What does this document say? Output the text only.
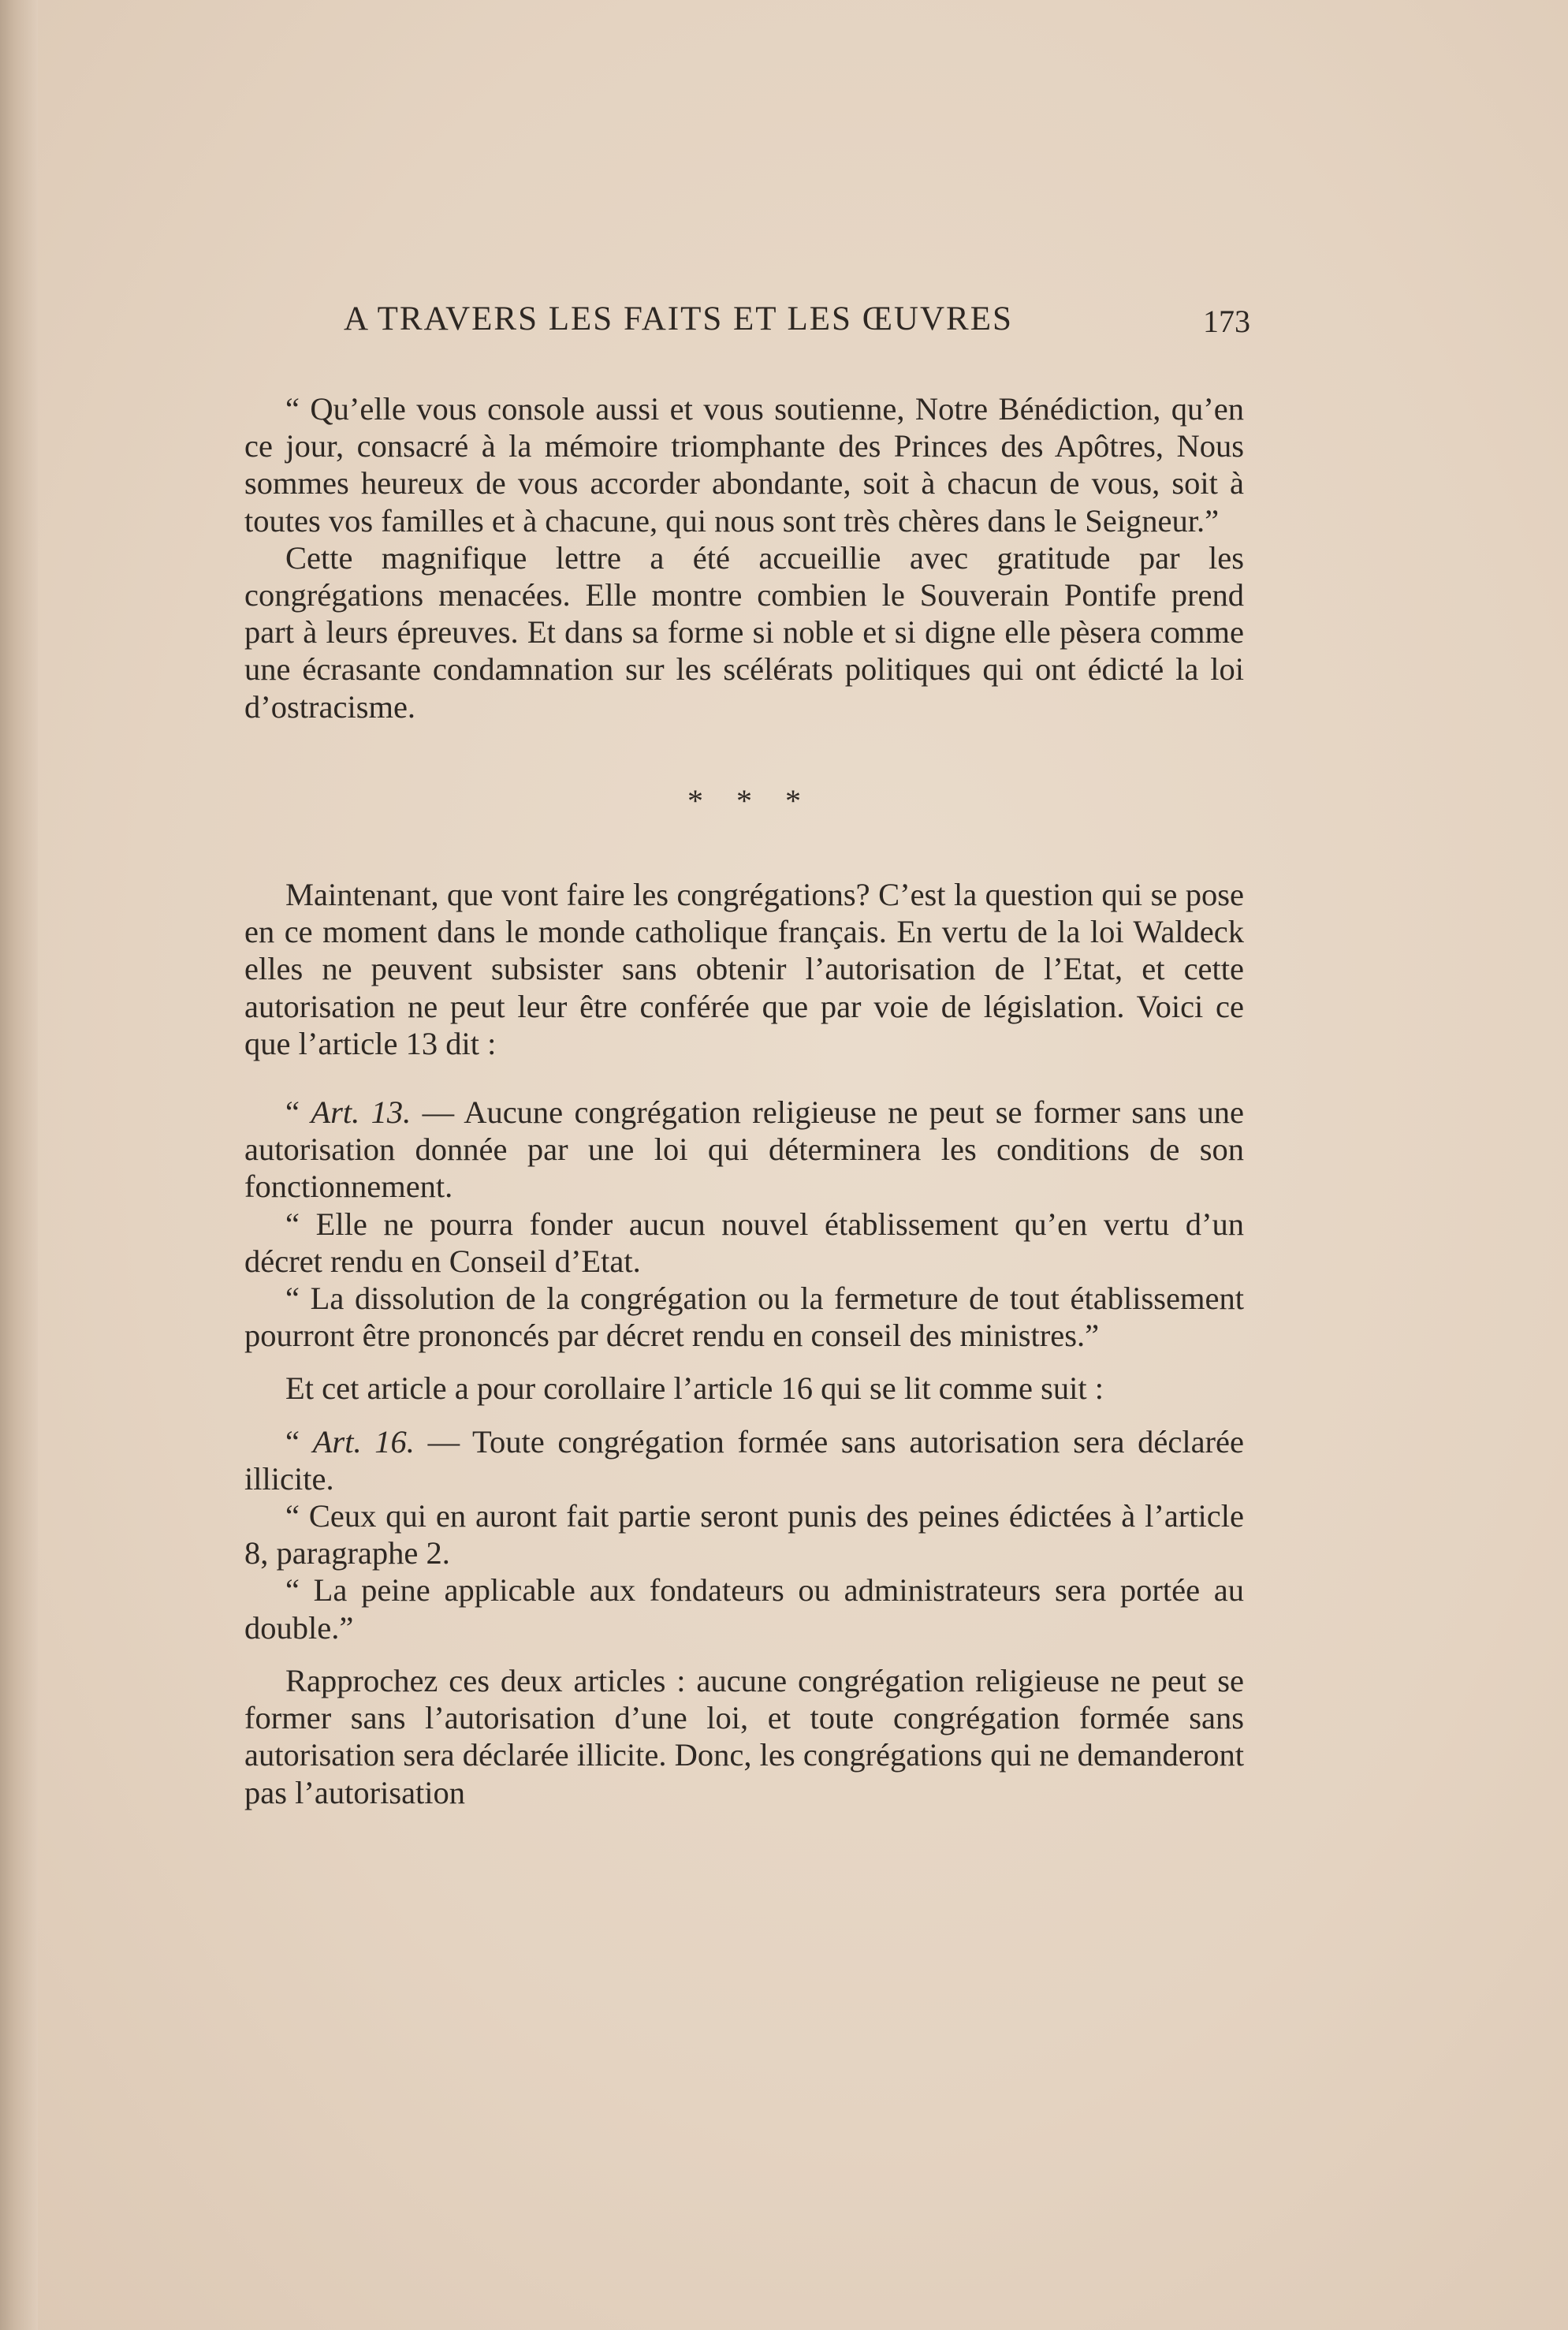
A TRAVERS LES FAITS ET LES ŒUVRES	173

“ Qu’elle vous console aussi et vous soutienne, Notre Bénédiction, qu’en ce jour, consacré à la mémoire triomphante des Princes des Apôtres, Nous sommes heureux de vous accorder abondante, soit à chacun de vous, soit à toutes vos familles et à chacune, qui nous sont très chères dans le Seigneur.”

Cette magnifique lettre a été accueillie avec gratitude par les congrégations menacées. Elle montre combien le Souverain Pontife prend part à leurs épreuves. Et dans sa forme si noble et si digne elle pèsera comme une écrasante condamnation sur les scélérats politiques qui ont édicté la loi d’ostracisme.

* * *

Maintenant, que vont faire les congrégations? C’est la question qui se pose en ce moment dans le monde catholique français. En vertu de la loi Waldeck elles ne peuvent subsister sans obtenir l’autorisation de l’Etat, et cette autorisation ne peut leur être conférée que par voie de législation. Voici ce que l’article 13 dit :

“ Art. 13. — Aucune congrégation religieuse ne peut se former sans une autorisation donnée par une loi qui déterminera les conditions de son fonctionnement.

“ Elle ne pourra fonder aucun nouvel établissement qu’en vertu d’un décret rendu en Conseil d’Etat.

“ La dissolution de la congrégation ou la fermeture de tout établissement pourront être prononcés par décret rendu en conseil des ministres.”

Et cet article a pour corollaire l’article 16 qui se lit comme suit :

“ Art. 16. — Toute congrégation formée sans autorisation sera déclarée illicite.

“ Ceux qui en auront fait partie seront punis des peines édictées à l’article 8, paragraphe 2.

“ La peine applicable aux fondateurs ou administrateurs sera portée au double.”

Rapprochez ces deux articles : aucune congrégation religieuse ne peut se former sans l’autorisation d’une loi, et toute congrégation formée sans autorisation sera déclarée illicite. Donc, les congrégations qui ne demanderont pas l’autorisation
